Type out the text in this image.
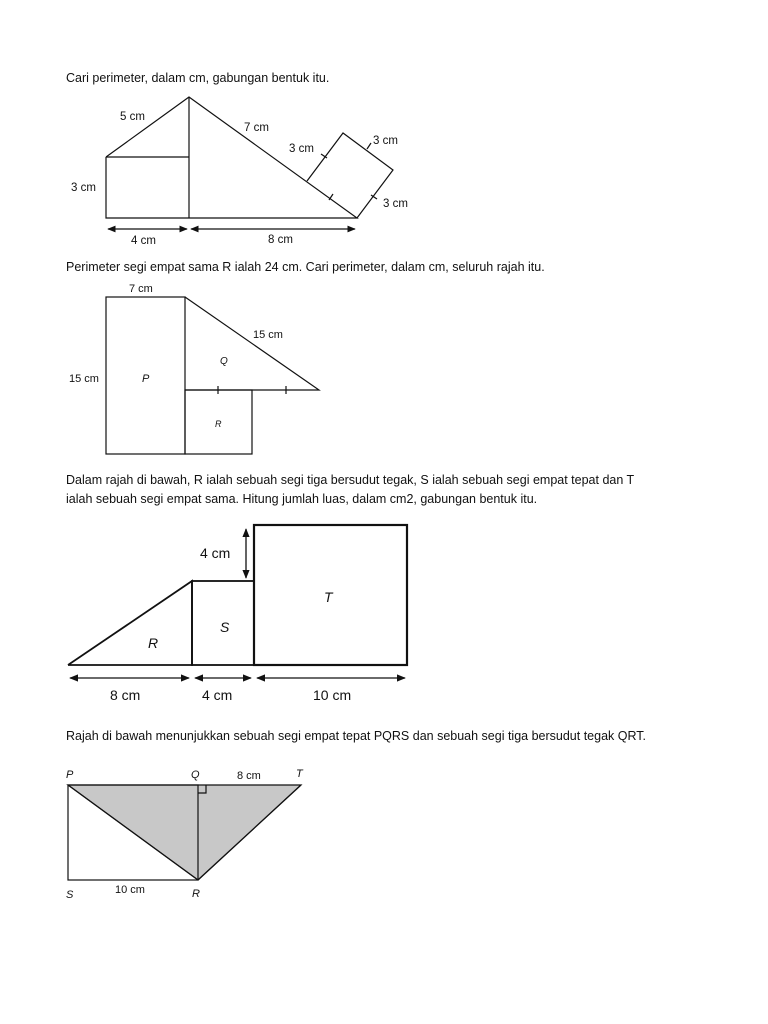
Cari perimeter, dalam cm, gabungan bentuk itu.
Perimeter segi empat sama R ialah 24 cm. Cari perimeter, dalam cm, seluruh rajah itu.
Dalam rajah di bawah, R ialah sebuah segi tiga bersudut tegak, S ialah sebuah segi empat tepat dan T
ialah sebuah segi empat sama. Hitung jumlah luas, dalam cm2, gabungan bentuk itu.
Rajah di bawah menunjukkan sebuah segi empat tepat PQRS dan sebuah segi tiga bersudut tegak QRT.
5 cm
7 cm
3 cm
3 cm
3 cm
3 cm
4 cm	8 cm
7 cm
15 cm
15 cm
P
Q
R
4 cm
T
S
R
8 cm	4 cm	10 cm
P	Q	8 cm	T
S	10 cm	R
